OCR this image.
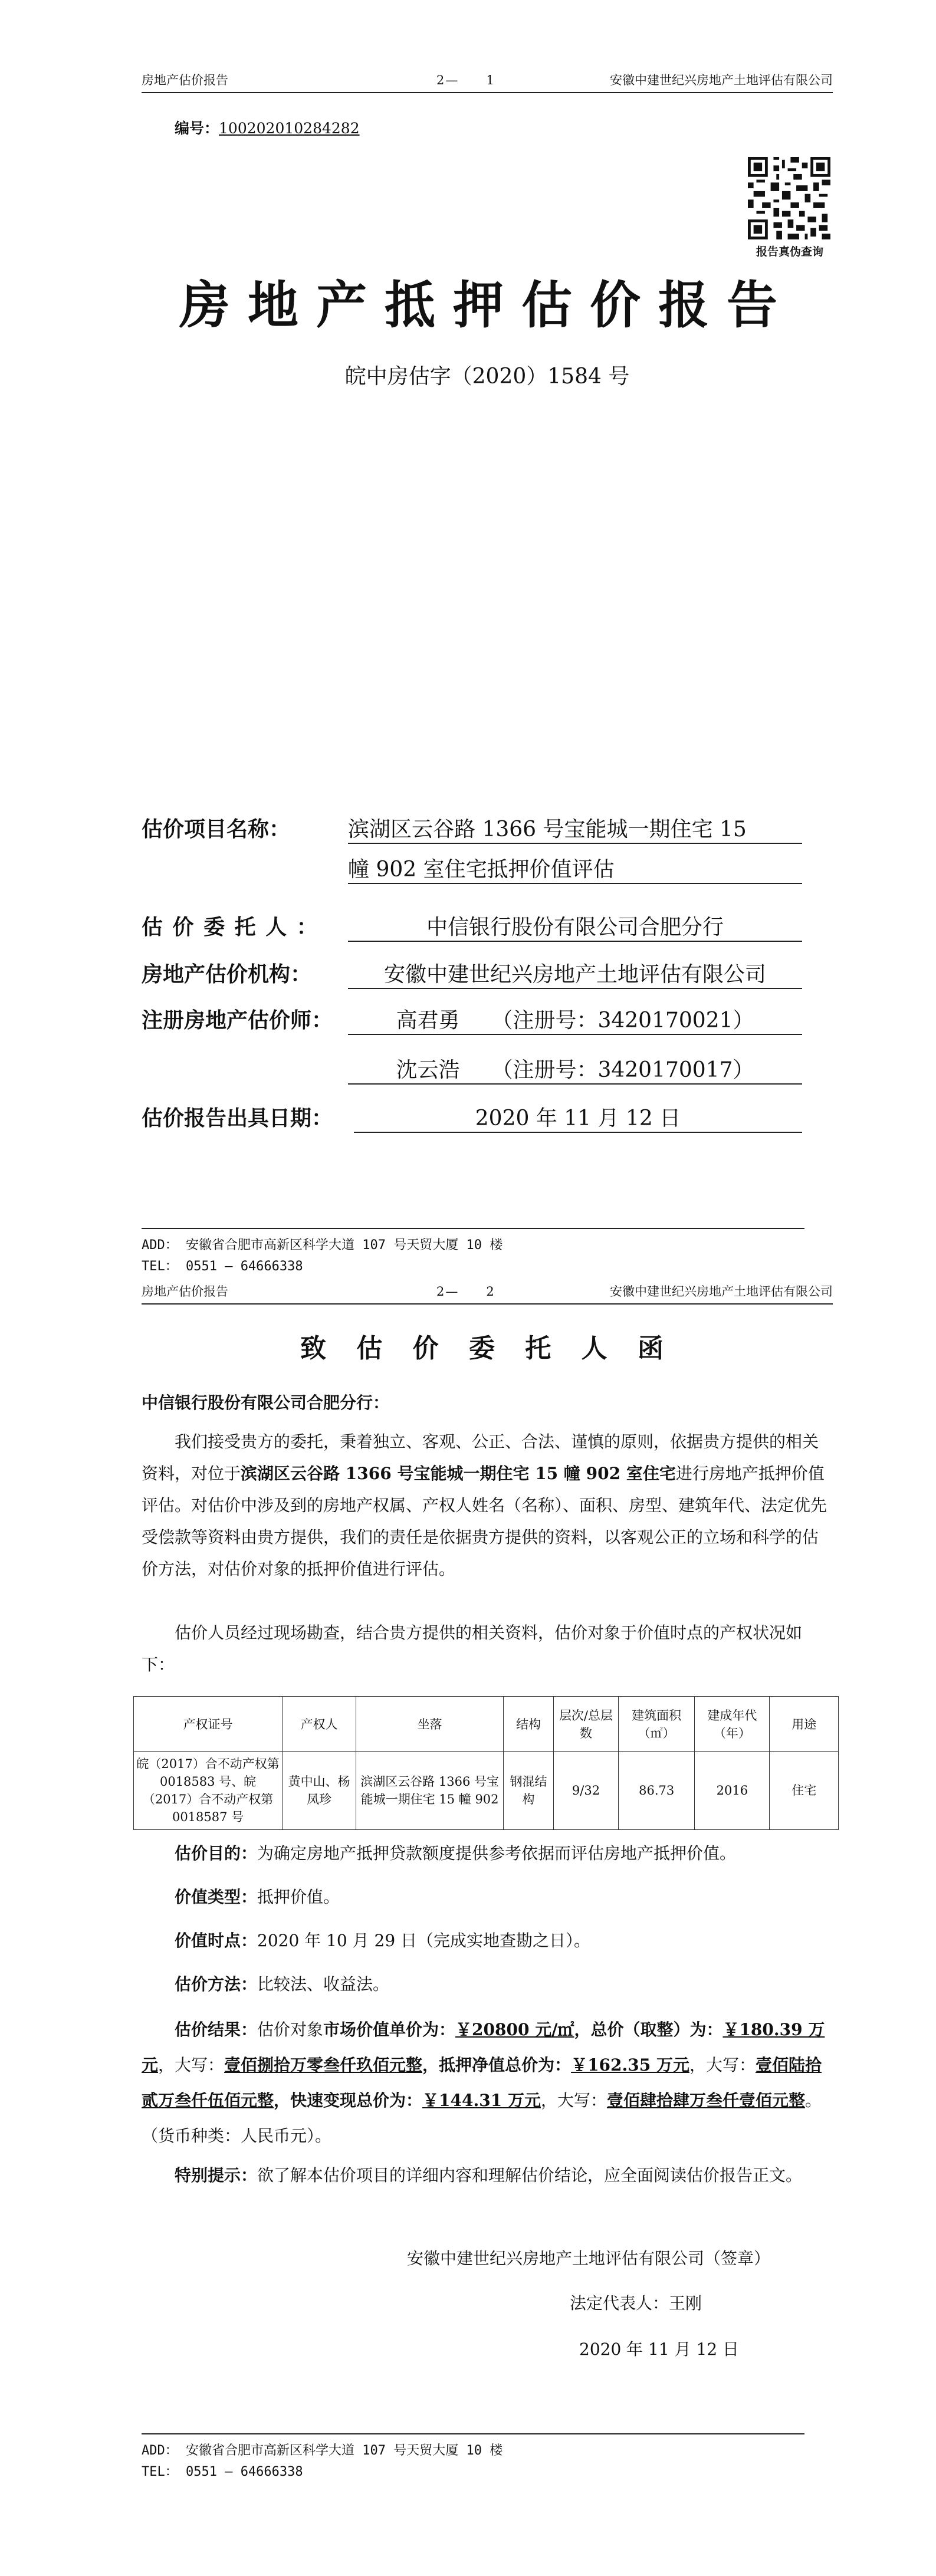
房地产估价报告	2—　　1	安徽中建世纪兴房地产土地评估有限公司
编号：100202010284282
报告真伪查询
房地产抵押估价报告
皖中房估字（2020）1584 号
估价项目名称：	滨湖区云谷路 1366 号宝能城一期住宅 15
幢 902 室住宅抵押价值评估
估 价 委 托 人 ：	中信银行股份有限公司合肥分行
房地产估价机构：	安徽中建世纪兴房地产土地评估有限公司
注册房地产估价师：	高君勇　　（注册号：3420170021）
沈云浩　　（注册号：3420170017）
估价报告出具日期：	2020 年 11 月 12 日
ADD： 安徽省合肥市高新区科学大道 107 号天贸大厦 10 楼
TEL： 0551 — 64666338
房地产估价报告	2—　　2	安徽中建世纪兴房地产土地评估有限公司
致 估 价 委 托 人 函
中信银行股份有限公司合肥分行：
我们接受贵方的委托，秉着独立、客观、公正、合法、谨慎的原则，依据贵方提供的相关资料，对位于滨湖区云谷路 1366 号宝能城一期住宅 15 幢 902 室住宅进行房地产抵押价值评估。对估价中涉及到的房地产权属、产权人姓名（名称）、面积、房型、建筑年代、法定优先受偿款等资料由贵方提供，我们的责任是依据贵方提供的资料，以客观公正的立场和科学的估价方法，对估价对象的抵押价值进行评估。
估价人员经过现场勘查，结合贵方提供的相关资料，估价对象于价值时点的产权状况如下：
产权证号	产权人	坐落	结构	层次/总层数	建筑面积（㎡）	建成年代（年）	用途
皖（2017）合不动产权第 0018583 号、皖（2017）合不动产权第 0018587 号	黄中山、杨凤珍	滨湖区云谷路 1366 号宝能城一期住宅 15 幢 902	钢混结构	9/32	86.73	2016	住宅
估价目的：为确定房地产抵押贷款额度提供参考依据而评估房地产抵押价值。
价值类型：抵押价值。
价值时点：2020 年 10 月 29 日（完成实地查勘之日）。
估价方法：比较法、收益法。
估价结果：估价对象市场价值单价为：￥20800 元/㎡，总价（取整）为：￥180.39 万元，大写：壹佰捌拾万零叁仟玖佰元整，抵押净值总价为：￥162.35 万元，大写：壹佰陆拾贰万叁仟伍佰元整，快速变现总价为：￥144.31 万元，大写：壹佰肆拾肆万叁仟壹佰元整。（货币种类：人民币元）。
特别提示：欲了解本估价项目的详细内容和理解估价结论，应全面阅读估价报告正文。
安徽中建世纪兴房地产土地评估有限公司（签章）
法定代表人：王刚
2020 年 11 月 12 日
ADD： 安徽省合肥市高新区科学大道 107 号天贸大厦 10 楼
TEL： 0551 — 64666338
